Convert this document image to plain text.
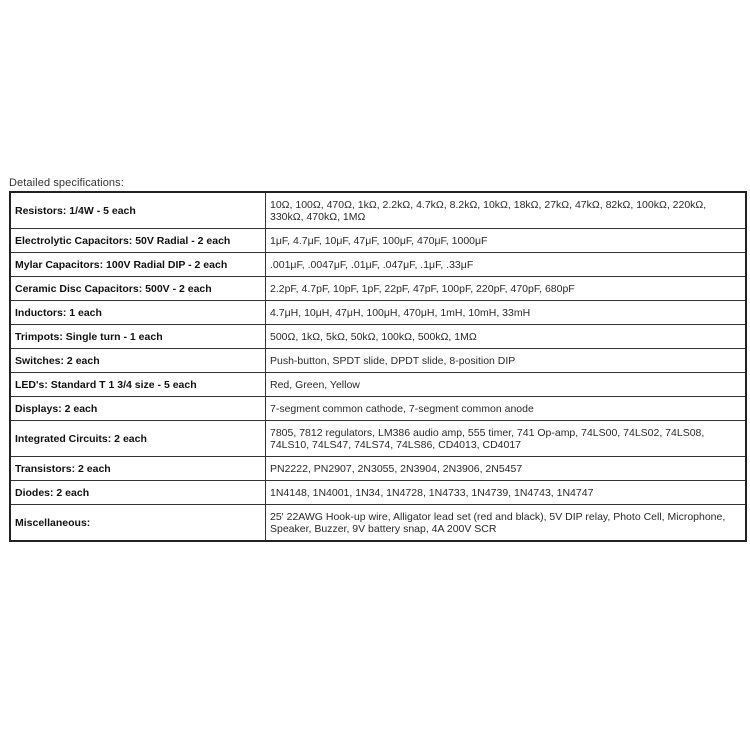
Detailed specifications:
Resistors: 1/4W - 5 each	10Ω, 100Ω, 470Ω, 1kΩ, 2.2kΩ, 4.7kΩ, 8.2kΩ, 10kΩ, 18kΩ, 27kΩ, 47kΩ, 82kΩ, 100kΩ, 220kΩ, 330kΩ, 470kΩ, 1MΩ
Electrolytic Capacitors: 50V Radial - 2 each	1μF, 4.7μF, 10μF, 47μF, 100μF, 470μF, 1000μF
Mylar Capacitors: 100V Radial DIP - 2 each	.001μF, .0047μF, .01μF, .047μF, .1μF, .33μF
Ceramic Disc Capacitors: 500V - 2 each	2.2pF, 4.7pF, 10pF, 1pF, 22pF, 47pF, 100pF, 220pF, 470pF, 680pF
Inductors: 1 each	4.7μH, 10μH, 47μH, 100μH, 470μH, 1mH, 10mH, 33mH
Trimpots: Single turn - 1 each	500Ω, 1kΩ, 5kΩ, 50kΩ, 100kΩ, 500kΩ, 1MΩ
Switches: 2 each	Push-button, SPDT slide, DPDT slide, 8-position DIP
LED's: Standard T 1 3/4 size - 5 each	Red, Green, Yellow
Displays: 2 each	7-segment common cathode, 7-segment common anode
Integrated Circuits: 2 each	7805, 7812 regulators, LM386 audio amp, 555 timer, 741 Op-amp, 74LS00, 74LS02, 74LS08, 74LS10, 74LS47, 74LS74, 74LS86, CD4013, CD4017
Transistors: 2 each	PN2222, PN2907, 2N3055, 2N3904, 2N3906, 2N5457
Diodes: 2 each	1N4148, 1N4001, 1N34, 1N4728, 1N4733, 1N4739, 1N4743, 1N4747
Miscellaneous:	25' 22AWG Hook-up wire, Alligator lead set (red and black), 5V DIP relay, Photo Cell, Microphone, Speaker, Buzzer, 9V battery snap, 4A 200V SCR
